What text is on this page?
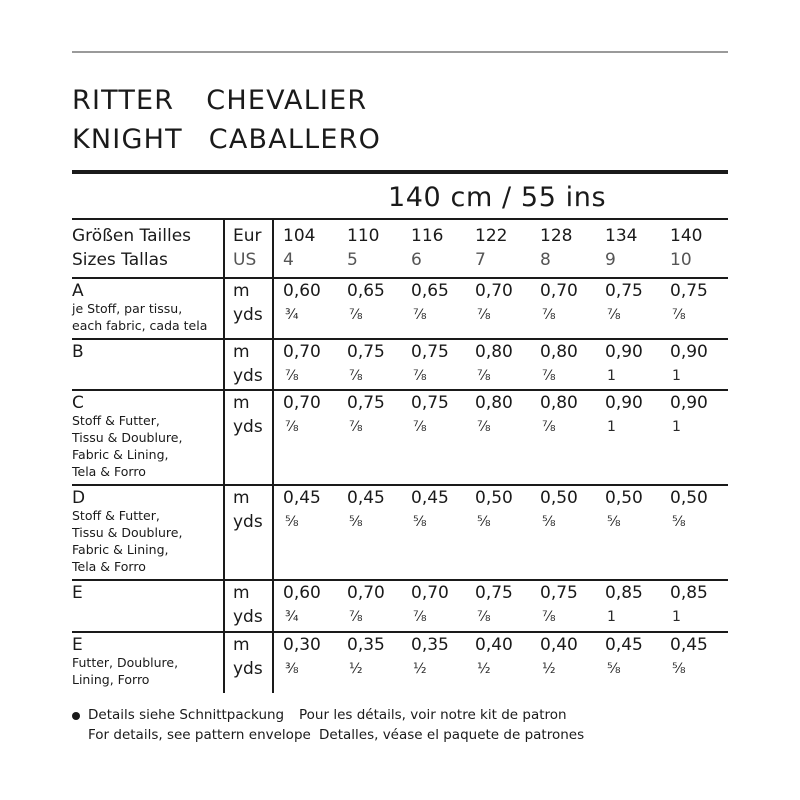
RITTER CHEVALIER
KNIGHT CABALLERO
140 cm / 55 ins
Größen Tailles
Sizes Tallas
Eur
US
104
4
110
5
116
6
122
7
128
8
134
9
140
10
A
je Stoff, par tissu,
each fabric, cada tela
m
yds
0,60
¾
0,65
⅞
0,65
⅞
0,70
⅞
0,70
⅞
0,75
⅞
0,75
⅞
B	m
yds
0,70
⅞
0,75
⅞
0,75
⅞
0,80
⅞
0,80
⅞
0,90
1
0,90
1
C
Stoff & Futter,
Tissu & Doublure,
Fabric & Lining,
Tela & Forro
m
yds
0,70
⅞
0,75
⅞
0,75
⅞
0,80
⅞
0,80
⅞
0,90
1
0,90
1
D
Stoff & Futter,
Tissu & Doublure,
Fabric & Lining,
Tela & Forro
m
yds
0,45
⅝
0,45
⅝
0,45
⅝
0,50
⅝
0,50
⅝
0,50
⅝
0,50
⅝
E	m
yds
0,60
¾
0,70
⅞
0,70
⅞
0,75
⅞
0,75
⅞
0,85
1
0,85
1
E
Futter, Doublure,
Lining, Forro
m
yds
0,30
⅜
0,35
½
0,35
½
0,40
½
0,40
½
0,45
⅝
0,45
⅝
Details siehe Schnittpackung Pour les détails, voir notre kit de patron
For details, see pattern envelope Detalles, véase el paquete de patrones
